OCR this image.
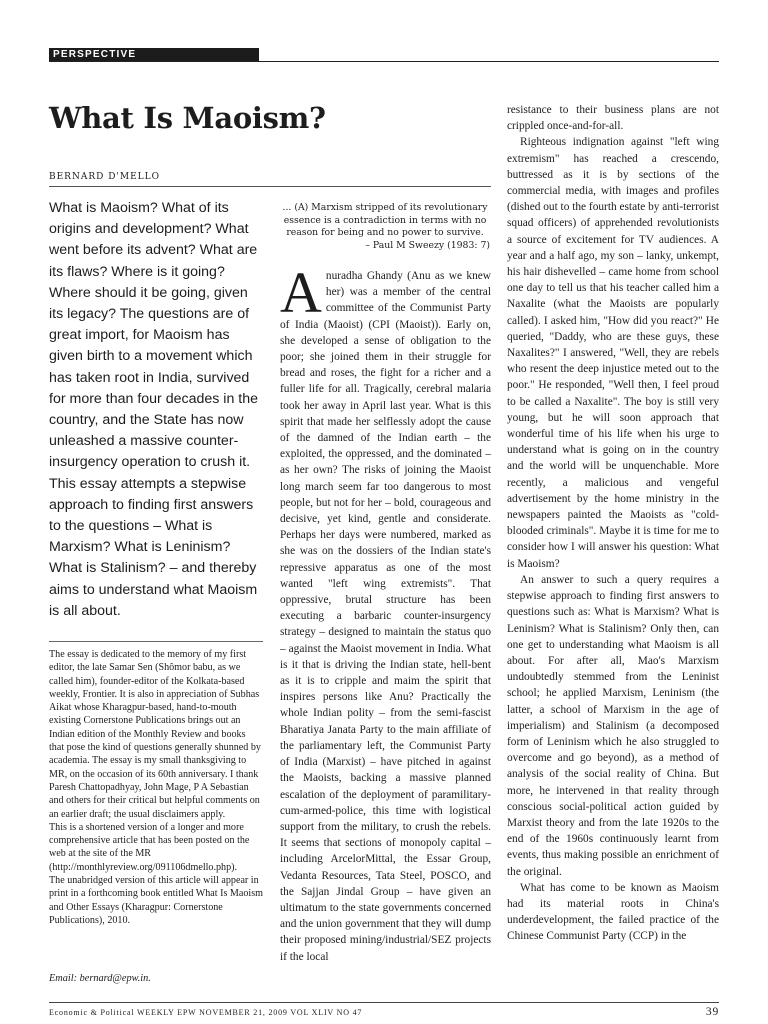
PERSPECTIVE
What Is Maoism?
BERNARD D'MELLO

What is Maoism? What of its origins and development? What went before its advent? What are its flaws? Where is it going? Where should it be going, given its legacy? The questions are of great import, for Maoism has given birth to a movement which has taken root in India, survived for more than four decades in the country, and the State has now unleashed a massive counter-insurgency operation to crush it.

This essay attempts a stepwise approach to finding first answers to the questions – What is Marxism? What is Leninism? What is Stalinism? – and thereby aims to understand what Maoism is all about.

The essay is dedicated to the memory of my first editor, the late Samar Sen (Shômor babu, as we called him), founder-editor of the Kolkata-based weekly, Frontier. It is also in appreciation of Subhas Aikat whose Kharagpur-based, hand-to-mouth existing Cornerstone Publications brings out an Indian edition of the Monthly Review and books that pose the kind of questions generally shunned by academia. The essay is my small thanksgiving to MR, on the occasion of its 60th anniversary. I thank Paresh Chattopadhyay, John Mage, P A Sebastian and others for their critical but helpful comments on an earlier draft; the usual disclaimers apply.

This is a shortened version of a longer and more comprehensive article that has been posted on the web at the site of the MR (http://monthlyreview.org/091106dmello.php).

The unabridged version of this article will appear in print in a forthcoming book entitled What Is Maoism and Other Essays (Kharagpur: Cornerstone Publications), 2010.

Email: bernard@epw.in.
... (A) Marxism stripped of its revolutionary essence is a contradiction in terms with no reason for being and no power to survive.
– Paul M Sweezy (1983: 7)
A nuradha Ghandy (Anu as we knew her) was a member of the central committee of the Communist Party of India (Maoist) (CPI (Maoist)). Early on, she developed a sense of obligation to the poor; she joined them in their struggle for bread and roses, the fight for a richer and a fuller life for all. Tragically, cerebral malaria took her away in April last year. What is this spirit that made her selflessly adopt the cause of the damned of the Indian earth – the exploited, the oppressed, and the dominated – as her own? The risks of joining the Maoist long march seem far too dangerous to most people, but not for her – bold, courageous and decisive, yet kind, gentle and considerate. Perhaps her days were numbered, marked as she was on the dossiers of the Indian state's repressive apparatus as one of the most wanted "left wing extremists". That oppressive, brutal structure has been executing a barbaric counter-insurgency strategy – designed to maintain the status quo – against the Maoist movement in India. What is it that is driving the Indian state, hell-bent as it is to cripple and maim the spirit that inspires persons like Anu? Practically the whole Indian polity – from the semi-fascist Bharatiya Janata Party to the main affiliate of the parliamentary left, the Communist Party of India (Marxist) – have pitched in against the Maoists, backing a massive planned escalation of the deployment of paramilitary-cum-armed-police, this time with logistical support from the military, to crush the rebels. It seems that sections of monopoly capital – including ArcelorMittal, the Essar Group, Vedanta Resources, Tata Steel, POSCO, and the Sajjan Jindal Group – have given an ultimatum to the state governments concerned and the union government that they will dump their proposed mining/industrial/SEZ projects if the local

resistance to their business plans are not crippled once-and-for-all.

Righteous indignation against "left wing extremism" has reached a crescendo, buttressed as it is by sections of the commercial media, with images and profiles (dished out to the fourth estate by anti-terrorist squad officers) of apprehended revolutionists a source of excitement for TV audiences. A year and a half ago, my son – lanky, unkempt, his hair dishevelled – came home from school one day to tell us that his teacher called him a Naxalite (what the Maoists are popularly called). I asked him, "How did you react?" He queried, "Daddy, who are these guys, these Naxalites?" I answered, "Well, they are rebels who resent the deep injustice meted out to the poor." He responded, "Well then, I feel proud to be called a Naxalite". The boy is still very young, but he will soon approach that wonderful time of his life when his urge to understand what is going on in the country and the world will be unquenchable. More recently, a malicious and vengeful advertisement by the home ministry in the newspapers painted the Maoists as "cold-blooded criminals". Maybe it is time for me to consider how I will answer his question: What is Maoism?

An answer to such a query requires a stepwise approach to finding first answers to questions such as: What is Marxism? What is Leninism? What is Stalinism? Only then, can one get to understanding what Maoism is all about. For after all, Mao's Marxism undoubtedly stemmed from the Leninist school; he applied Marxism, Leninism (the latter, a school of Marxism in the age of imperialism) and Stalinism (a decomposed form of Leninism which he also struggled to overcome and go beyond), as a method of analysis of the social reality of China. But more, he intervened in that reality through conscious social-political action guided by Marxist theory and from the late 1920s to the end of the 1960s continuously learnt from events, thus making possible an enrichment of the original.

What has come to be known as Maoism had its material roots in China's underdevelopment, the failed practice of the Chinese Communist Party (CCP) in the

Economic & Political WEEKLY EPW NOVEMBER 21, 2009 VOL XLIV NO 47	39
